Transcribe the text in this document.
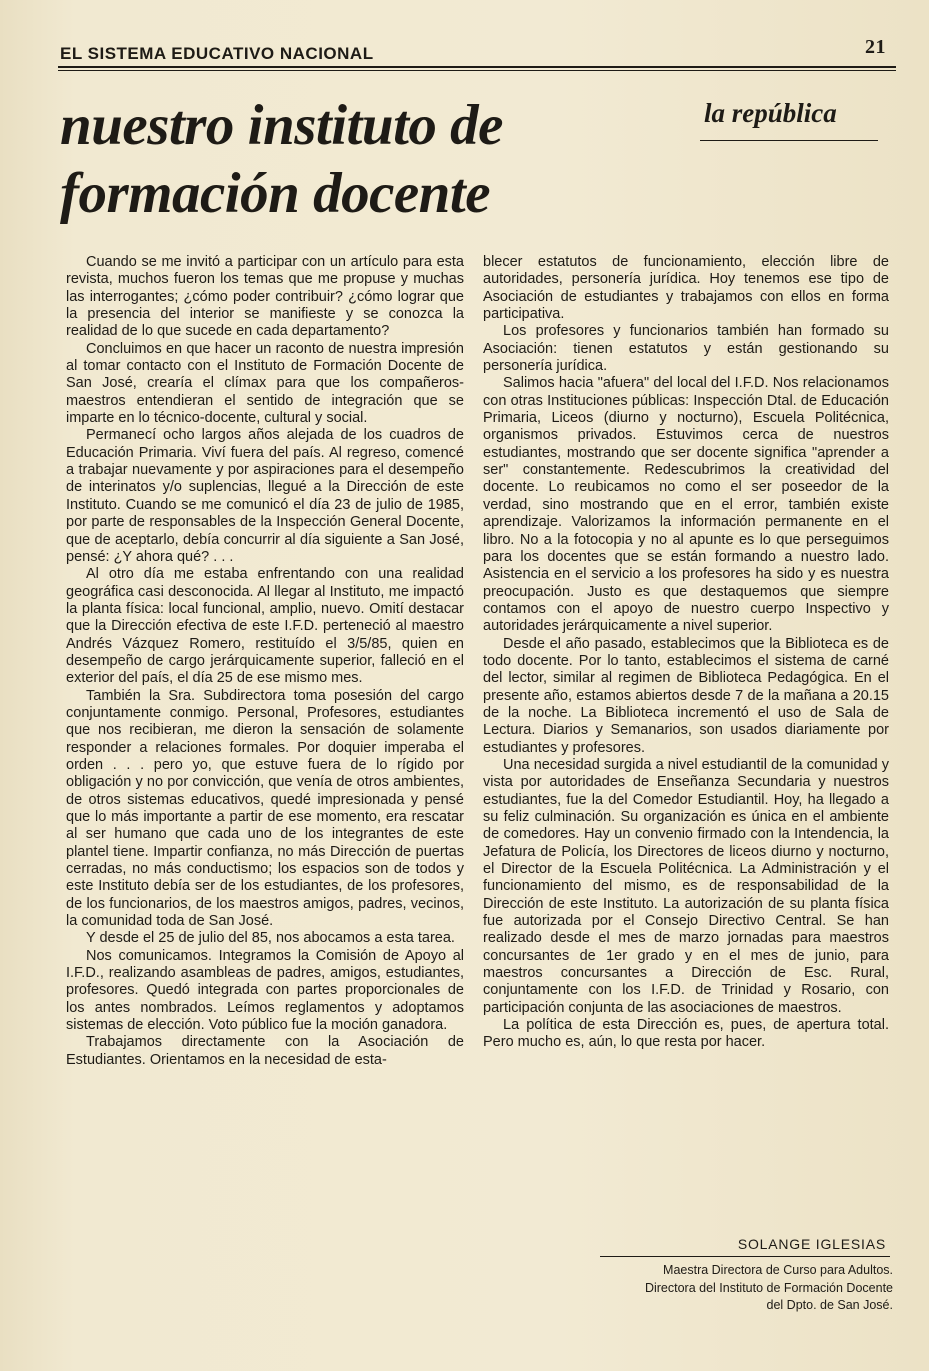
EL SISTEMA EDUCATIVO NACIONAL	21
nuestro instituto de formación docente
la república

Cuando se me invitó a participar con un artículo para esta revista, muchos fueron los temas que me propuse y muchas las interrogantes; ¿cómo poder contribuir? ¿cómo lograr que la presencia del interior se manifieste y se conozca la realidad de lo que sucede en cada departamento?

Concluimos en que hacer un raconto de nuestra impresión al tomar contacto con el Instituto de Formación Docente de San José, crearía el clímax para que los compañeros-maestros entendieran el sentido de integración que se imparte en lo técnico-docente, cultural y social.

Permanecí ocho largos años alejada de los cuadros de Educación Primaria. Viví fuera del país. Al regreso, comencé a trabajar nuevamente y por aspiraciones para el desempeño de interinatos y/o suplencias, llegué a la Dirección de este Instituto. Cuando se me comunicó el día 23 de julio de 1985, por parte de responsables de la Inspección General Docente, que de aceptarlo, debía concurrir al día siguiente a San José, pensé: ¿Y ahora qué? . . .

Al otro día me estaba enfrentando con una realidad geográfica casi desconocida. Al llegar al Instituto, me impactó la planta física: local funcional, amplio, nuevo. Omití destacar que la Dirección efectiva de este I.F.D. perteneció al maestro Andrés Vázquez Romero, restituído el 3/5/85, quien en desempeño de cargo jerárquicamente superior, falleció en el exterior del país, el día 25 de ese mismo mes.

También la Sra. Subdirectora toma posesión del cargo conjuntamente conmigo. Personal, Profesores, estudiantes que nos recibieran, me dieron la sensación de solamente responder a relaciones formales. Por doquier imperaba el orden . . . pero yo, que estuve fuera de lo rígido por obligación y no por convicción, que venía de otros ambientes, de otros sistemas educativos, quedé impresionada y pensé que lo más importante a partir de ese momento, era rescatar al ser humano que cada uno de los integrantes de este plantel tiene. Impartir confianza, no más Dirección de puertas cerradas, no más conductismo; los espacios son de todos y este Instituto debía ser de los estudiantes, de los profesores, de los funcionarios, de los maestros amigos, padres, vecinos, la comunidad toda de San José.

Y desde el 25 de julio del 85, nos abocamos a esta tarea.

Nos comunicamos. Integramos la Comisión de Apoyo al I.F.D., realizando asambleas de padres, amigos, estudiantes, profesores. Quedó integrada con partes proporcionales de los antes nombrados. Leímos reglamentos y adoptamos sistemas de elección. Voto público fue la moción ganadora.

Trabajamos directamente con la Asociación de Estudiantes. Orientamos en la necesidad de esta-

blecer estatutos de funcionamiento, elección libre de autoridades, personería jurídica. Hoy tenemos ese tipo de Asociación de estudiantes y trabajamos con ellos en forma participativa.

Los profesores y funcionarios también han formado su Asociación: tienen estatutos y están gestionando su personería jurídica.

Salimos hacia "afuera" del local del I.F.D. Nos relacionamos con otras Instituciones públicas: Inspección Dtal. de Educación Primaria, Liceos (diurno y nocturno), Escuela Politécnica, organismos privados. Estuvimos cerca de nuestros estudiantes, mostrando que ser docente significa "aprender a ser" constantemente. Redescubrimos la creatividad del docente. Lo reubicamos no como el ser poseedor de la verdad, sino mostrando que en el error, también existe aprendizaje. Valorizamos la información permanente en el libro. No a la fotocopia y no al apunte es lo que perseguimos para los docentes que se están formando a nuestro lado. Asistencia en el servicio a los profesores ha sido y es nuestra preocupación. Justo es que destaquemos que siempre contamos con el apoyo de nuestro cuerpo Inspectivo y autoridades jerárquicamente a nivel superior.

Desde el año pasado, establecimos que la Biblioteca es de todo docente. Por lo tanto, establecimos el sistema de carné del lector, similar al regimen de Biblioteca Pedagógica. En el presente año, estamos abiertos desde 7 de la mañana a 20.15 de la noche. La Biblioteca incrementó el uso de Sala de Lectura. Diarios y Semanarios, son usados diariamente por estudiantes y profesores.

Una necesidad surgida a nivel estudiantil de la comunidad y vista por autoridades de Enseñanza Secundaria y nuestros estudiantes, fue la del Comedor Estudiantil. Hoy, ha llegado a su feliz culminación. Su organización es única en el ambiente de comedores. Hay un convenio firmado con la Intendencia, la Jefatura de Policía, los Directores de liceos diurno y nocturno, el Director de la Escuela Politécnica. La Administración y el funcionamiento del mismo, es de responsabilidad de la Dirección de este Instituto. La autorización de su planta física fue autorizada por el Consejo Directivo Central. Se han realizado desde el mes de marzo jornadas para maestros concursantes de 1er grado y en el mes de junio, para maestros concursantes a Dirección de Esc. Rural, conjuntamente con los I.F.D. de Trinidad y Rosario, con participación conjunta de las asociaciones de maestros.

La política de esta Dirección es, pues, de apertura total. Pero mucho es, aún, lo que resta por hacer.

SOLANGE IGLESIAS
Maestra Directora de Curso para Adultos.
Directora del Instituto de Formación Docente
del Dpto. de San José.
